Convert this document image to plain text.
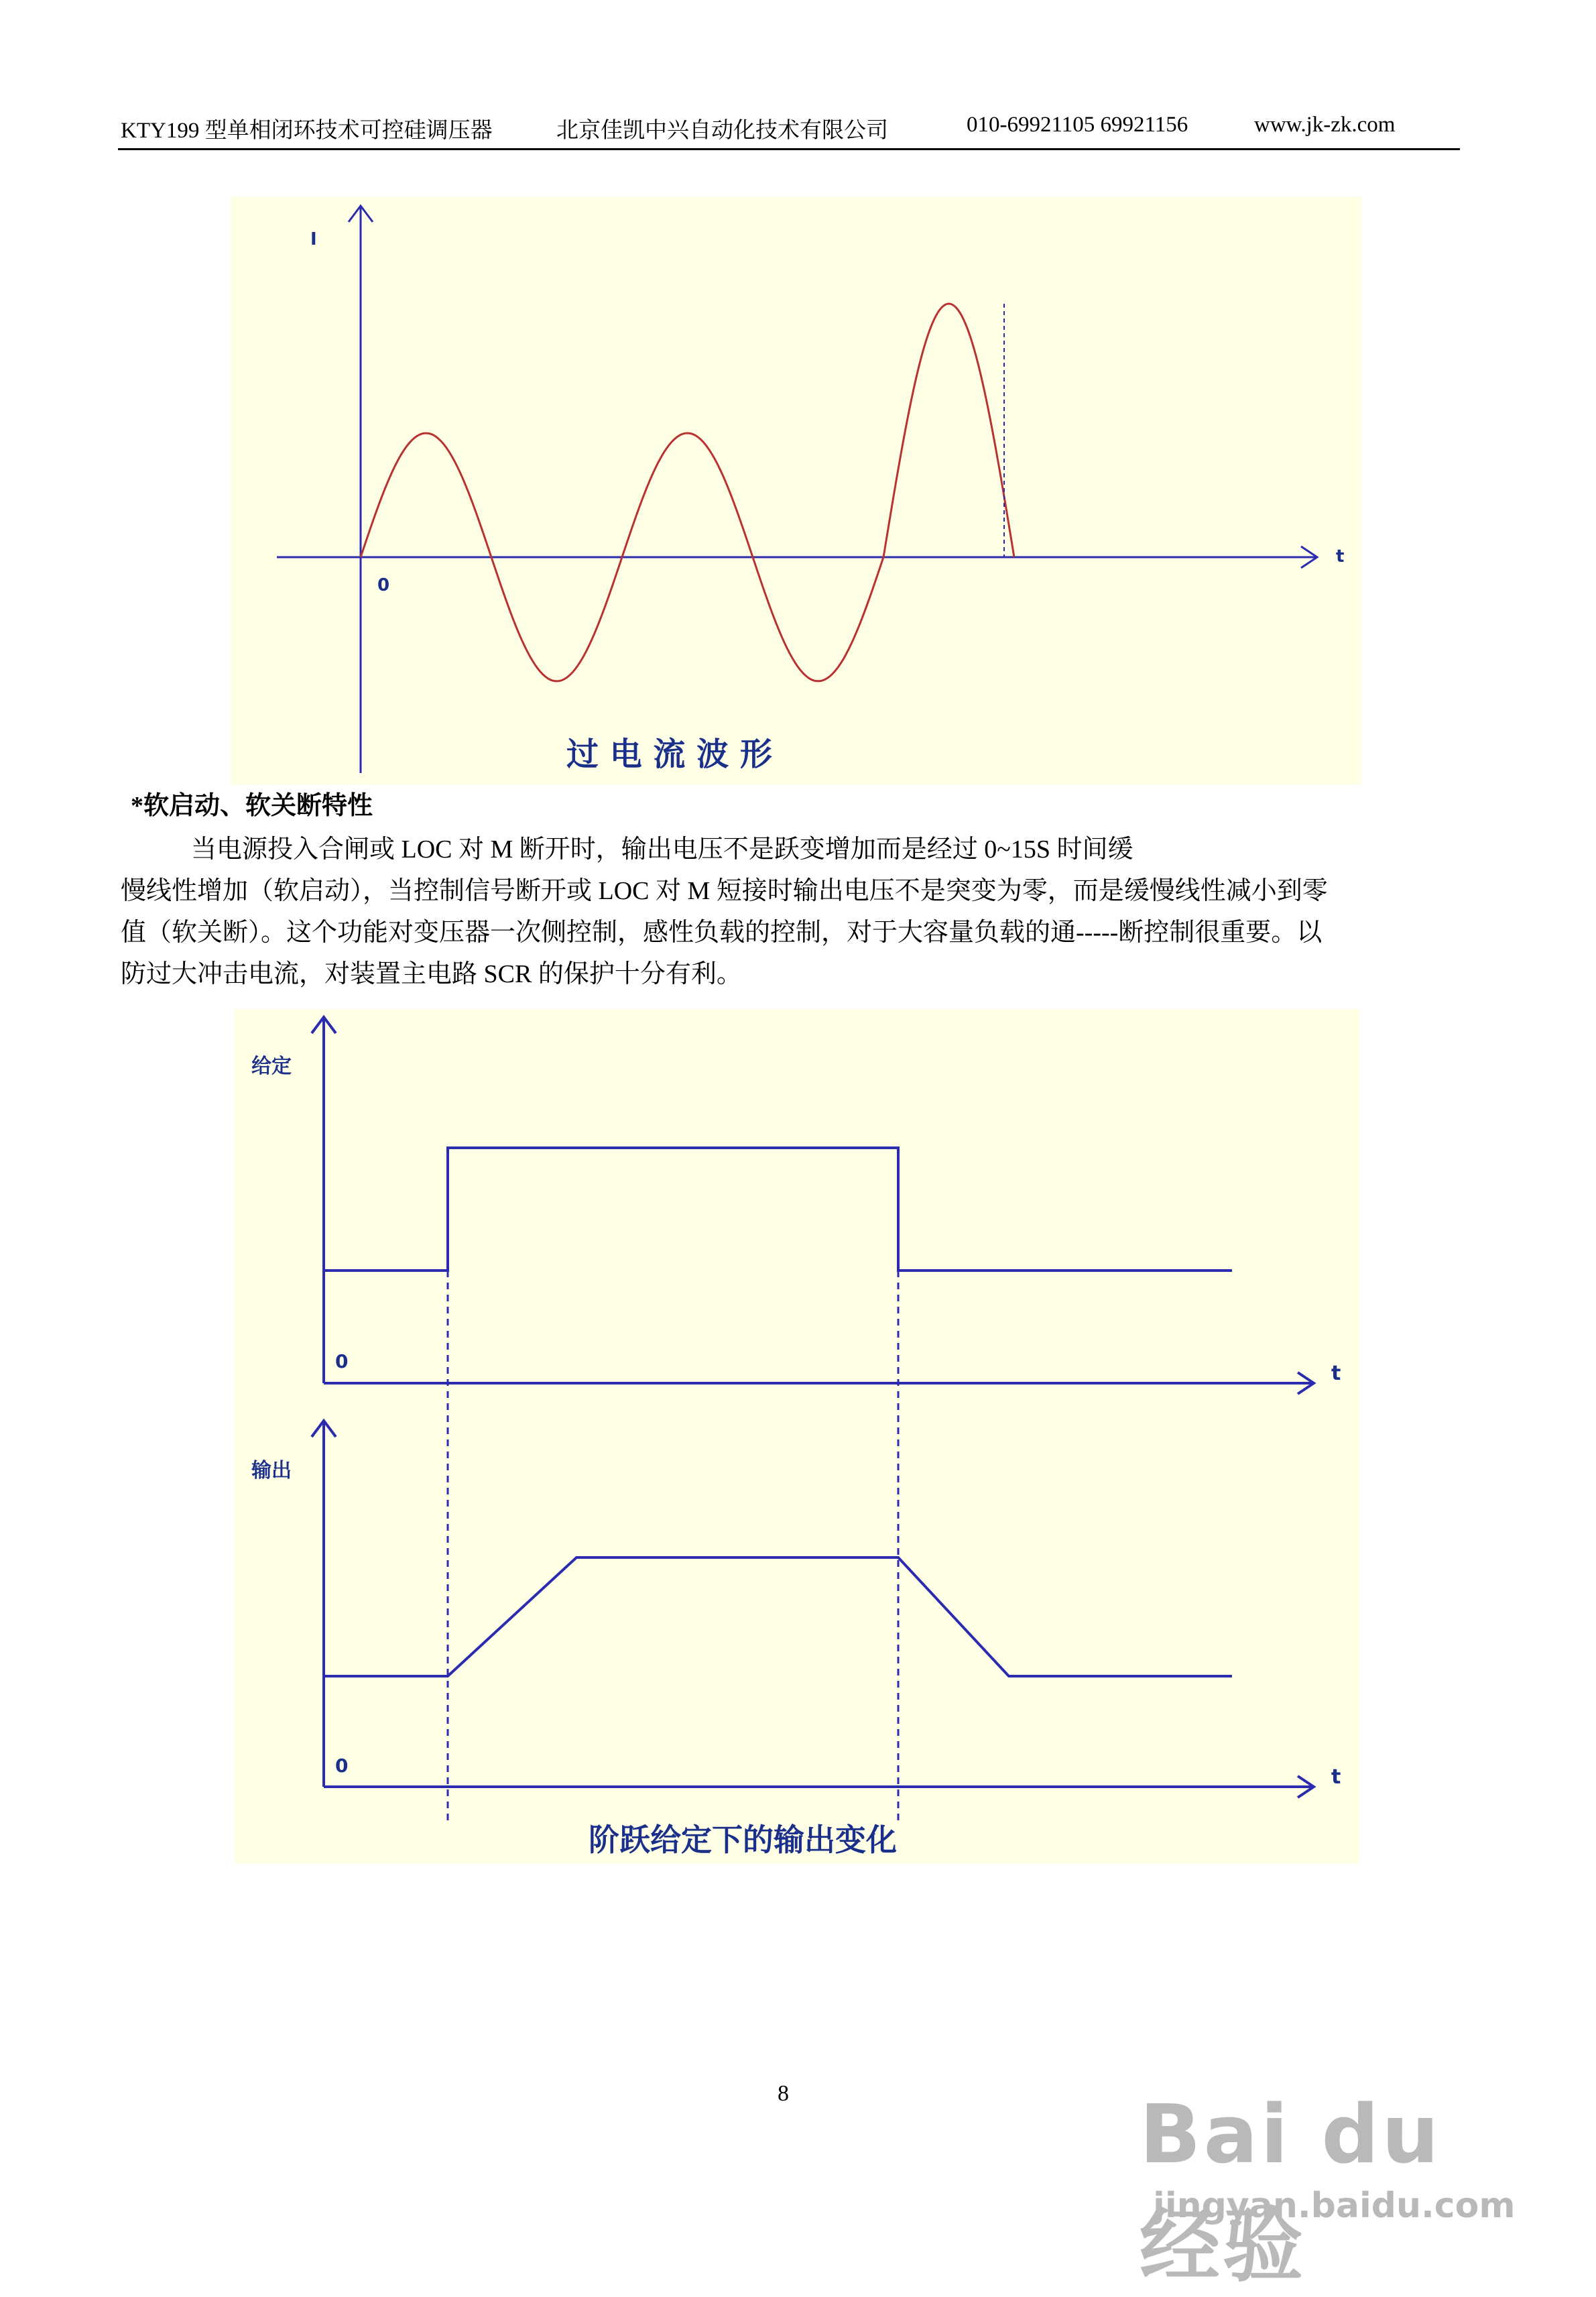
KTY199 型单相闭环技术可控硅调压器	北京佳凯中兴自动化技术有限公司	010-69921105 69921156	www.jk-zk.com
I
t
0
过 电 流 波 形
*软启动、软关断特性
当电源投入合闸或 LOC 对 M 断开时，输出电压不是跃变增加而是经过 0~15S 时间缓
慢线性增加（软启动），当控制信号断开或 LOC 对 M 短接时输出电压不是突变为零，而是缓慢线性减小到零
值（软关断）。这个功能对变压器一次侧控制，感性负载的控制，对于大容量负载的通-----断控制很重要。以
防过大冲击电流，对装置主电路 SCR 的保护十分有利。
给定
0
t
输出
0	t
阶跃给定下的输出变化
8	Bai du 经验
jingyan.baidu.com
